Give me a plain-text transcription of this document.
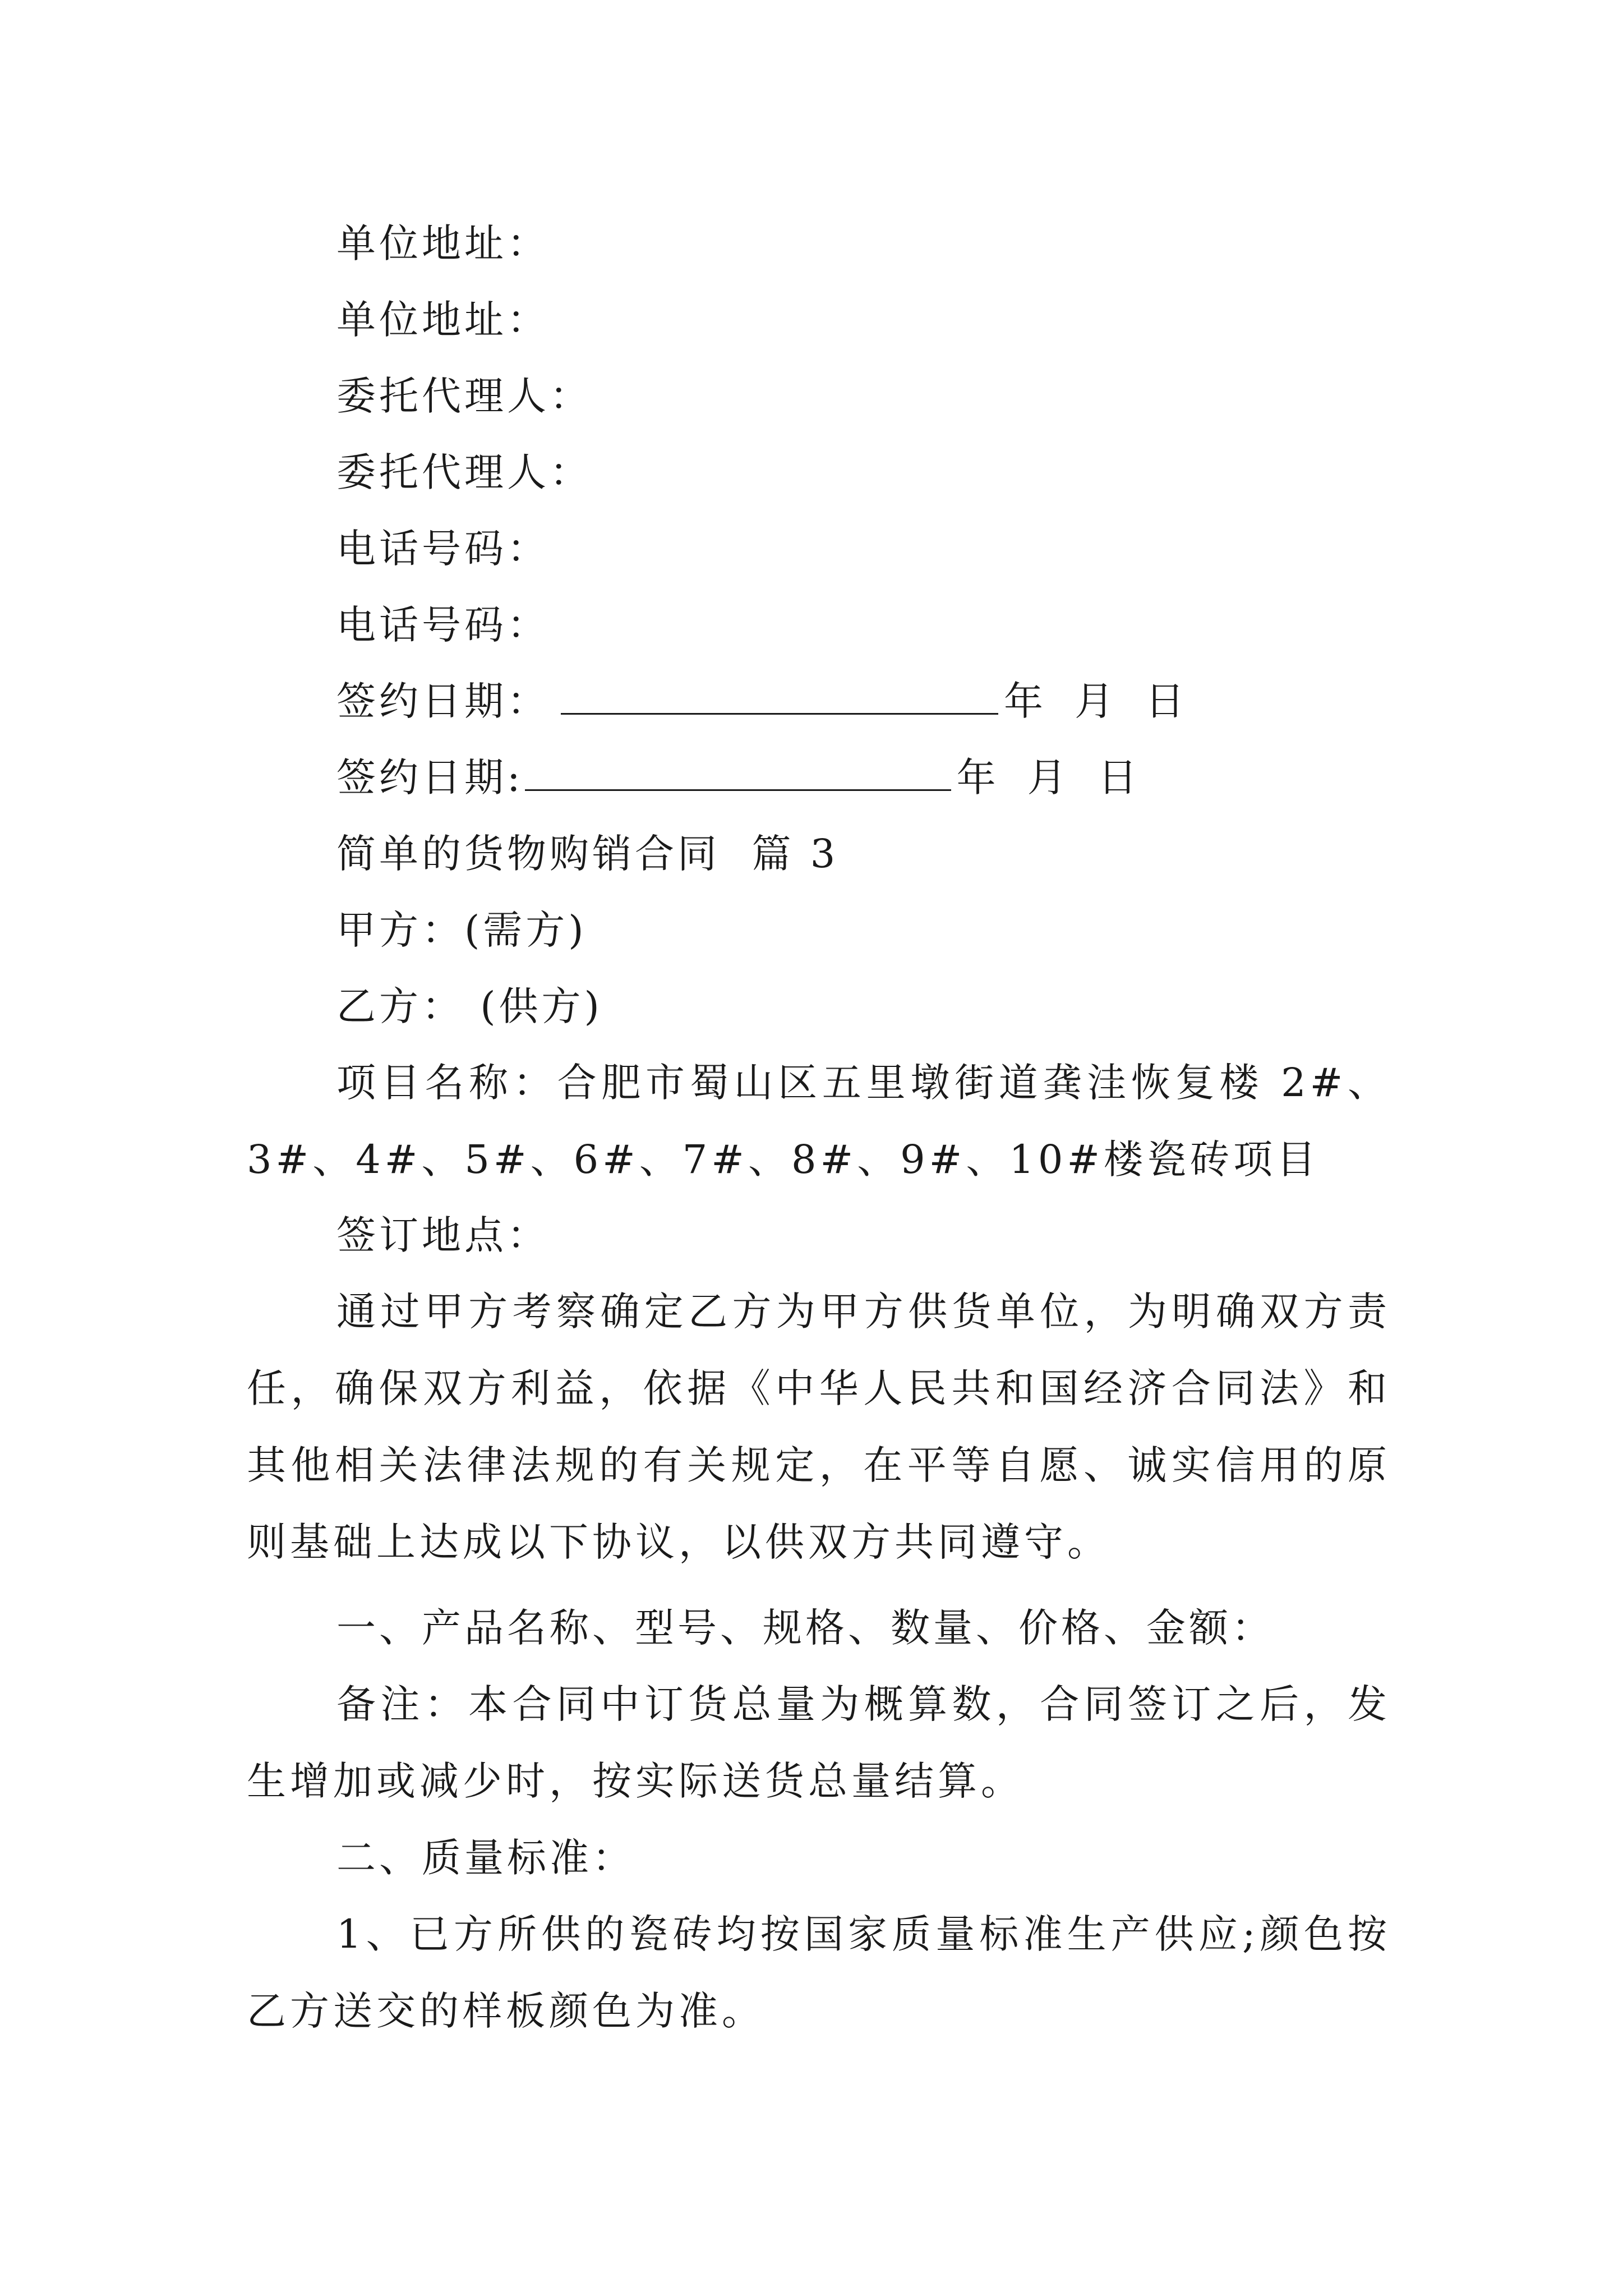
单位地址：
单位地址：
委托代理人：
委托代理人：
电话号码：
电话号码：
签约日期：	年 月 日
签约日期:	年 月 日
简单的货物购销合同  篇 3
甲方：(需方)
乙方： (供方)
项目名称：合肥市蜀山区五里墩街道龚洼恢复楼 2#、3#、4#、5#、6#、7#、8#、9#、10#楼瓷砖项目
签订地点：
通过甲方考察确定乙方为甲方供货单位，为明确双方责任，确保双方利益，依据《中华人民共和国经济合同法》和其他相关法律法规的有关规定，在平等自愿、诚实信用的原则基础上达成以下协议，以供双方共同遵守。
一、产品名称、型号、规格、数量、价格、金额：
备注：本合同中订货总量为概算数，合同签订之后，发生增加或减少时，按实际送货总量结算。
二、质量标准：
1、已方所供的瓷砖均按国家质量标准生产供应;颜色按乙方送交的样板颜色为准。
